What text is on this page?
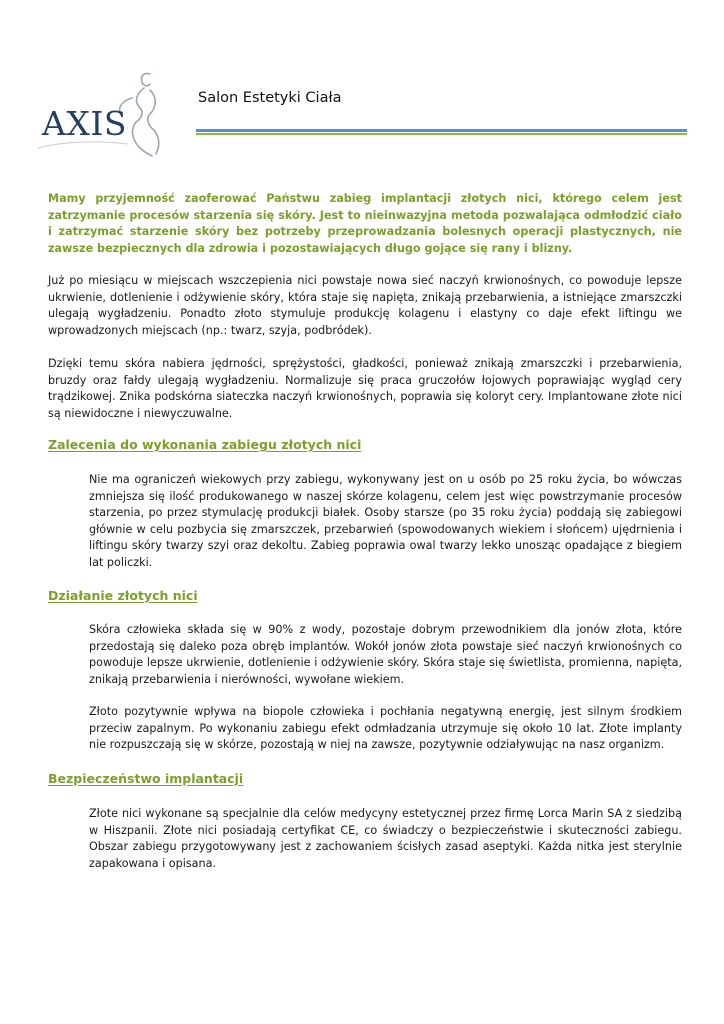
AXIS
Salon Estetyki Ciała

Mamy przyjemność zaoferować Państwu zabieg implantacji złotych nici, którego celem jest zatrzymanie procesów starzenia się skóry. Jest to nieinwazyjna metoda pozwalająca odmłodzić ciało i zatrzymać starzenie skóry bez potrzeby przeprowadzania bolesnych operacji plastycznych, nie zawsze bezpiecznych dla zdrowia i pozostawiających długo gojące się rany i blizny.

Już po miesiącu w miejscach wszczepienia nici powstaje nowa sieć naczyń krwionośnych, co powoduje lepsze ukrwienie, dotlenienie i odżywienie skóry, która staje się napięta, znikają przebarwienia, a istniejące zmarszczki ulegają wygładzeniu. Ponadto złoto stymuluje produkcję kolagenu i elastyny co daje efekt liftingu we wprowadzonych miejscach (np.: twarz, szyja, podbródek).

Dzięki temu skóra nabiera jędrności, sprężystości, gładkości, ponieważ znikają zmarszczki i przebarwienia, bruzdy oraz fałdy ulegają wygładzeniu. Normalizuje się praca gruczołów łojowych poprawiając wygląd cery trądzikowej. Znika podskórna siateczka naczyń krwionośnych, poprawia się koloryt cery. Implantowane złote nici są niewidoczne i niewyczuwalne.

Zalecenia do wykonania zabiegu złotych nici

Nie ma ograniczeń wiekowych przy zabiegu, wykonywany jest on u osób po 25 roku życia, bo wówczas zmniejsza się ilość produkowanego w naszej skórze kolagenu, celem jest więc powstrzymanie procesów starzenia, po przez stymulację produkcji białek. Osoby starsze (po 35 roku życia) poddają się zabiegowi głównie w celu pozbycia się zmarszczek, przebarwień (spowodowanych wiekiem i słońcem) ujędrnienia i liftingu skóry twarzy szyi oraz dekoltu. Zabieg poprawia owal twarzy lekko unosząc opadające z biegiem lat policzki.

Działanie złotych nici

Skóra człowieka składa się w 90% z wody, pozostaje dobrym przewodnikiem dla jonów złota, które przedostają się daleko poza obręb implantów. Wokół jonów złota powstaje sieć naczyń krwionośnych co powoduje lepsze ukrwienie, dotlenienie i odżywienie skóry. Skóra staje się świetlista, promienna, napięta, znikają przebarwienia i nierówności, wywołane wiekiem.

Złoto pozytywnie wpływa na biopole człowieka i pochłania negatywną energię, jest silnym środkiem przeciw zapalnym. Po wykonaniu zabiegu efekt odmładzania utrzymuje się około 10 lat. Złote implanty nie rozpuszczają się w skórze, pozostają w niej na zawsze, pozytywnie odziaływując na nasz organizm.

Bezpieczeństwo implantacji

Złote nici wykonane są specjalnie dla celów medycyny estetycznej przez firmę Lorca Marin SA z siedzibą w Hiszpanii. Złote nici posiadają certyfikat CE, co świadczy o bezpieczeństwie i skuteczności zabiegu. Obszar zabiegu przygotowywany jest z zachowaniem ścisłych zasad aseptyki. Każda nitka jest sterylnie zapakowana i opisana.
